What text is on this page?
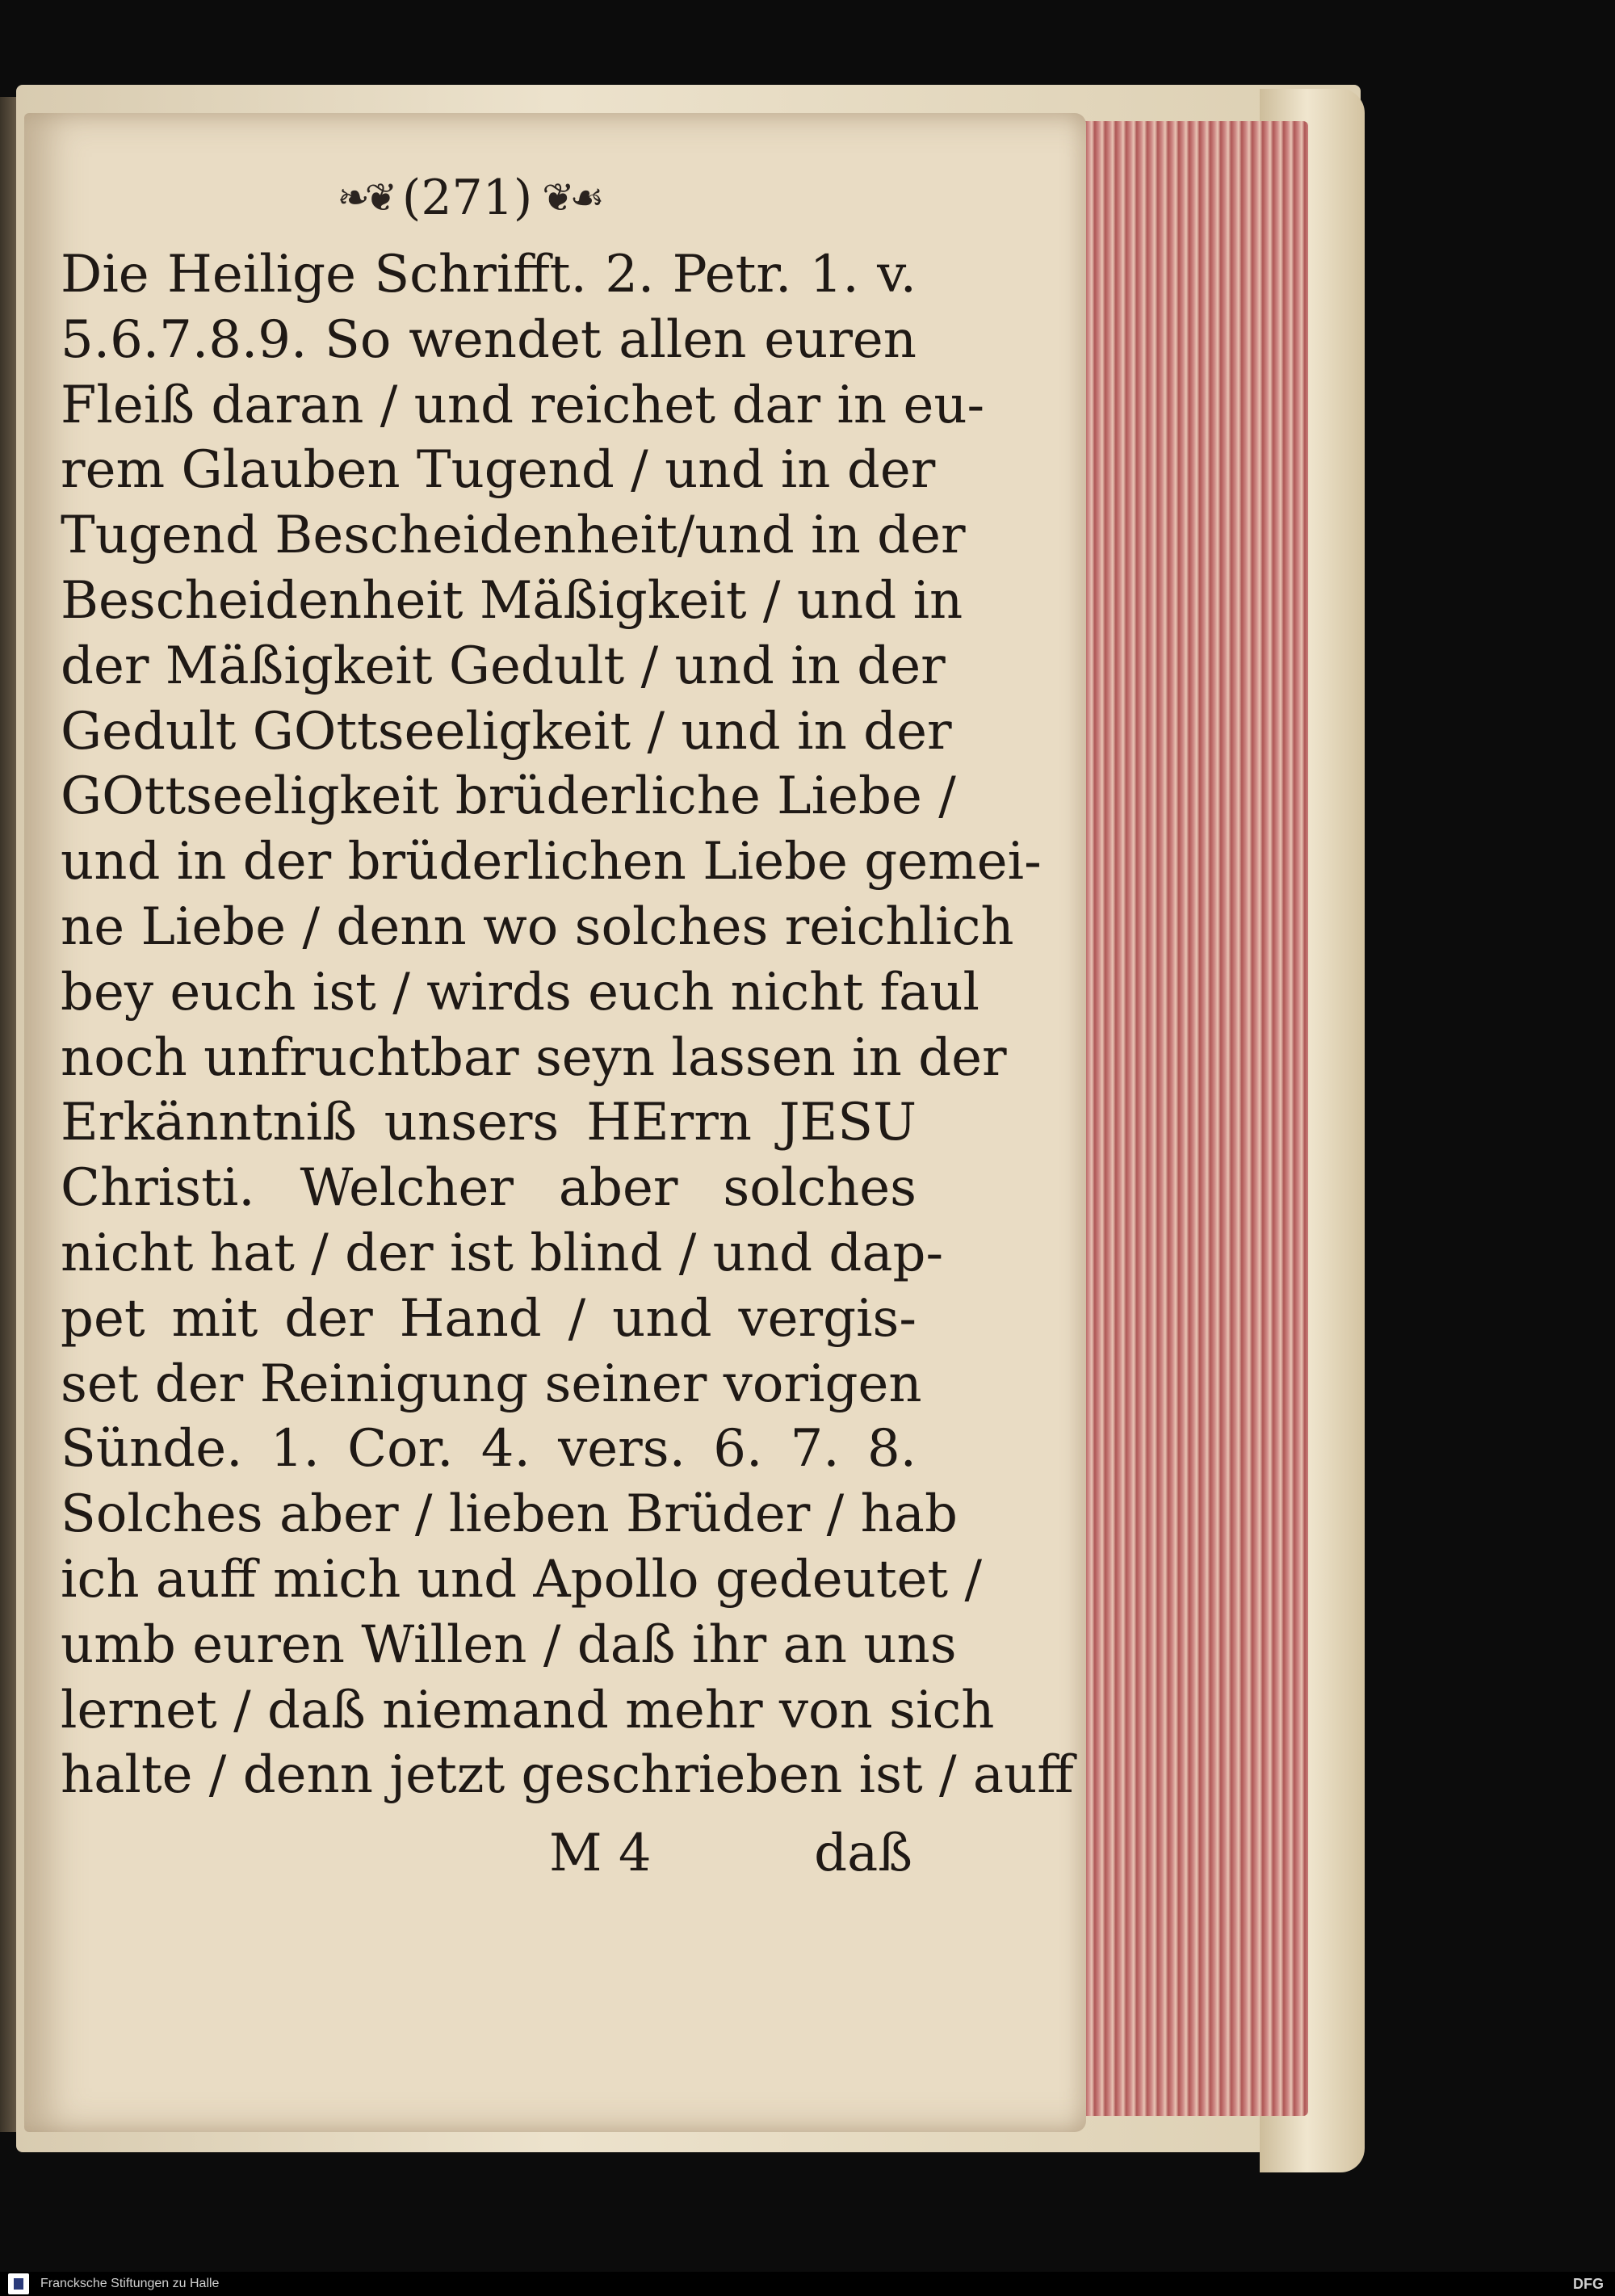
❧❦ (271) ❦☙
Die Heilige Schrifft. 2. Petr. 1. v.
5.6.7.8.9. So wendet allen euren
Fleiß daran / und reichet dar in eu-
rem Glauben Tugend / und in der
Tugend Bescheidenheit/und in der
Bescheidenheit Mäßigkeit / und in
der Mäßigkeit Gedult / und in der
Gedult GOttseeligkeit / und in der
GOttseeligkeit brüderliche Liebe /
und in der brüderlichen Liebe gemei-
ne Liebe / denn wo solches reichlich
bey euch ist / wirds euch nicht faul
noch unfruchtbar seyn lassen in der
Erkänntniß unsers HErrn JESU
Christi. Welcher aber solches
nicht hat / der ist blind / und dap-
pet mit der Hand / und vergis-
set der Reinigung seiner vorigen
Sünde. 1. Cor. 4. vers. 6. 7. 8.
Solches aber / lieben Brüder / hab
ich auff mich und Apollo gedeutet /
umb euren Willen / daß ihr an uns
lernet / daß niemand mehr von sich
halte / denn jetzt geschrieben ist / auff
M 4	daß
Francksche Stiftungen zu Halle	DFG
